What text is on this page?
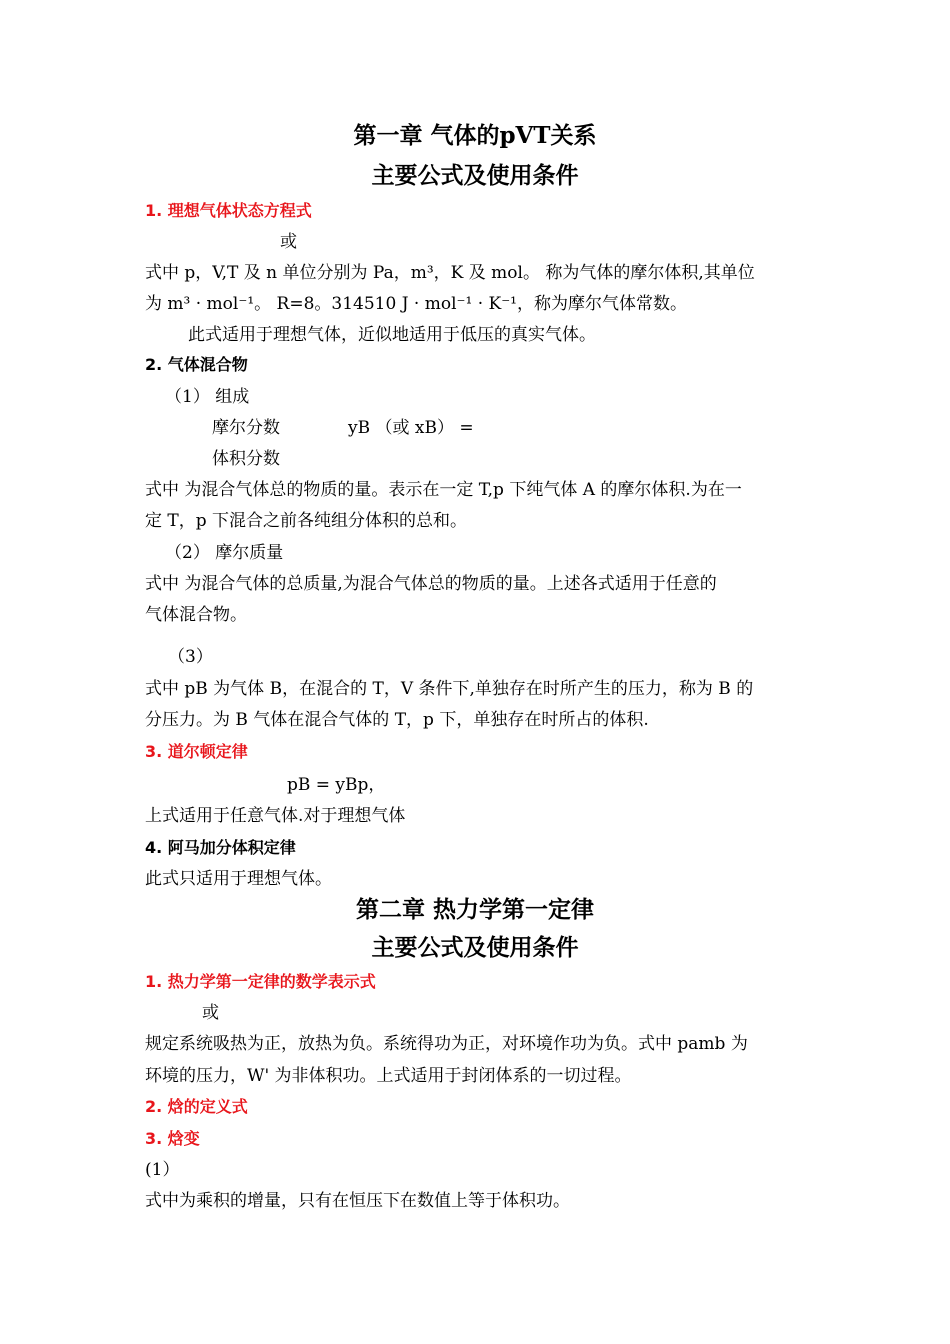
第一章 气体的pVT关系
主要公式及使用条件
1. 理想气体状态方程式
或
式中 p，V,T 及 n 单位分别为 Pa，m³，K 及 mol。 称为气体的摩尔体积,其单位
为 m³ · mol⁻¹。 R=8。314510 J · mol⁻¹ · K⁻¹，称为摩尔气体常数。
此式适用于理想气体，近似地适用于低压的真实气体。
2. 气体混合物
（1） 组成
摩尔分数	yB （或 xB） =
体积分数
式中 为混合气体总的物质的量。表示在一定 T,p 下纯气体 A 的摩尔体积.为在一
定 T，p 下混合之前各纯组分体积的总和。
（2） 摩尔质量
式中 为混合气体的总质量,为混合气体总的物质的量。上述各式适用于任意的
气体混合物。
（3）
式中 pB 为气体 B，在混合的 T，V 条件下,单独存在时所产生的压力，称为 B 的
分压力。为 B 气体在混合气体的 T，p 下，单独存在时所占的体积.
3. 道尔顿定律
pB = yBp，
上式适用于任意气体.对于理想气体
4. 阿马加分体积定律
此式只适用于理想气体。
第二章 热力学第一定律
主要公式及使用条件
1. 热力学第一定律的数学表示式
或
规定系统吸热为正，放热为负。系统得功为正，对环境作功为负。式中 pamb 为
环境的压力，W' 为非体积功。上式适用于封闭体系的一切过程。
2. 焓的定义式
3. 焓变
(1）
式中为乘积的增量，只有在恒压下在数值上等于体积功。
